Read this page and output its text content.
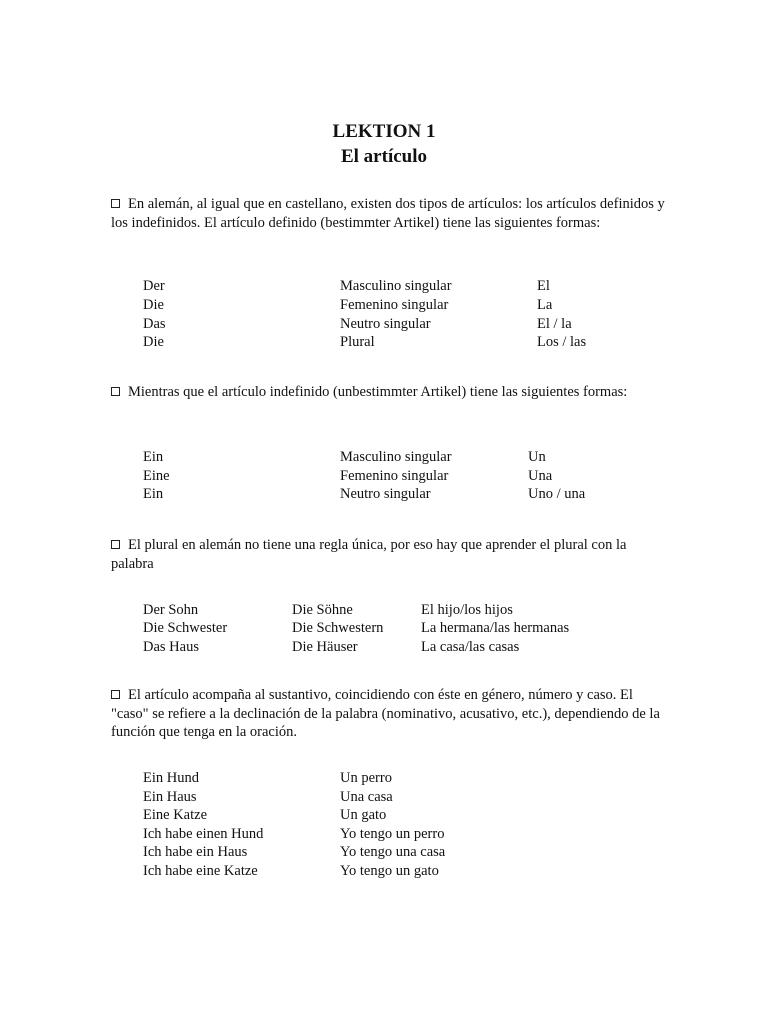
LEKTION 1
El artículo

En alemán, al igual que en castellano, existen dos tipos de artículos: los artículos definidos y los indefinidos. El artículo definido (bestimmter Artikel) tiene las siguientes formas:

Der	Masculino singular	El
Die	Femenino singular	La
Das	Neutro singular	El / la
Die	Plural	Los / las

Mientras que el artículo indefinido (unbestimmter Artikel) tiene las siguientes formas:

Ein	Masculino singular	Un
Eine	Femenino singular	Una
Ein	Neutro singular	Uno / una

El plural en alemán no tiene una regla única, por eso hay que aprender el plural con la palabra

Der Sohn	Die Söhne	El hijo/los hijos
Die Schwester	Die Schwestern	La hermana/las hermanas
Das Haus	Die Häuser	La casa/las casas

El artículo acompaña al sustantivo, coincidiendo con éste en género, número y caso. El "caso" se refiere a la declinación de la palabra (nominativo, acusativo, etc.), dependiendo de la función que tenga en la oración.

Ein Hund	Un perro
Ein Haus	Una casa
Eine Katze	Un gato
Ich habe einen Hund	Yo tengo un perro
Ich habe ein Haus	Yo tengo una casa
Ich habe eine Katze	Yo tengo un gato
